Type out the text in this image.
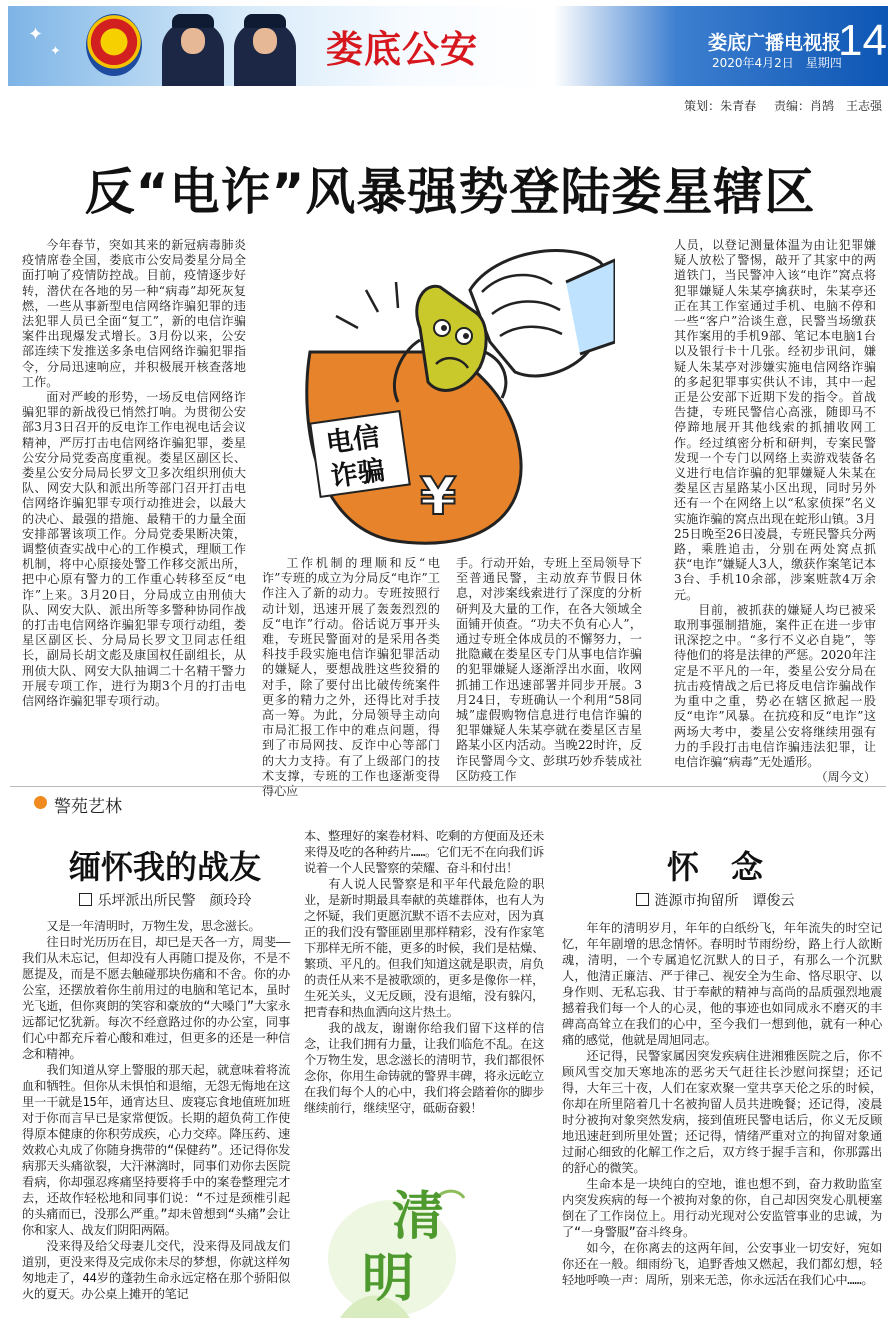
✦
✦	娄底公安	娄底广播电视报
2020年4月2日　星期四
14
策划：朱青春 责编：肖鹄　王志强
反“电诈”风暴强势登陆娄星辖区

今年春节，突如其来的新冠病毒肺炎疫情席卷全国，娄底市公安局娄星分局全面打响了疫情防控战。目前，疫情逐步好转，潜伏在各地的另一种“病毒”却死灰复燃，一些从事新型电信网络诈骗犯罪的违法犯罪人员已全面“复工”，新的电信诈骗案件出现爆发式增长。3月份以来，公安部连续下发推送多条电信网络诈骗犯罪指令，分局迅速响应，并积极展开核查落地工作。

面对严峻的形势，一场反电信网络诈骗犯罪的新战役已悄然打响。为贯彻公安部3月3日召开的反电诈工作电视电话会议精神，严厉打击电信网络诈骗犯罪，娄星公安分局党委高度重视。娄星区副区长、娄星公安分局局长罗文卫多次组织刑侦大队、网安大队和派出所等部门召开打击电信网络诈骗犯罪专项行动推进会，以最大的决心、最强的措施、最精干的力量全面安排部署该项工作。分局党委果断决策，调整侦查实战中心的工作模式，理顺工作机制，将中心原接处警工作移交派出所，把中心原有警力的工作重心转移至反“电诈”上来。3月20日，分局成立由刑侦大队、网安大队、派出所等多警种协同作战的打击电信网络诈骗犯罪专项行动组，娄星区副区长、分局局长罗文卫同志任组长，副局长胡文彪及康国权任副组长，从刑侦大队、网安大队抽调二十名精干警力开展专项工作，进行为期3个月的打击电信网络诈骗犯罪专项行动。

电信
诈骗 ¥

工作机制的理顺和反“电诈”专班的成立为分局反“电诈”工作注入了新的动力。专班按照行动计划，迅速开展了轰轰烈烈的反“电诈”行动。俗话说万事开头难，专班民警面对的是采用各类科技手段实施电信诈骗犯罪活动的嫌疑人，要想战胜这些狡猾的对手，除了要付出比破传统案件更多的精力之外，还得比对手技高一筹。为此，分局领导主动向市局汇报工作中的难点问题，得到了市局网技、反诈中心等部门的大力支持。有了上级部门的技术支撑，专班的工作也逐渐变得得心应

手。行动开始，专班上至局领导下至普通民警，主动放弃节假日休息，对涉案线索进行了深度的分析研判及大量的工作，在各大领域全面铺开侦查。“功夫不负有心人”，通过专班全体成员的不懈努力，一批隐藏在娄星区专门从事电信诈骗的犯罪嫌疑人逐渐浮出水面，收网抓捕工作迅速部署并同步开展。3月24日，专班确认一个利用“58同城”虚假购物信息进行电信诈骗的犯罪嫌疑人朱某亭就在娄星区吉星路某小区内活动。当晚22时许，反诈民警周今文、彭琪巧妙乔装成社区防疫工作

人员，以登记测量体温为由让犯罪嫌疑人放松了警惕，敲开了其家中的两道铁门，当民警冲入该“电诈”窝点将犯罪嫌疑人朱某亭擒获时，朱某亭还正在其工作室通过手机、电脑不停和一些“客户”洽谈生意，民警当场缴获其作案用的手机9部、笔记本电脑1台以及银行卡十几张。经初步讯问，嫌疑人朱某亭对涉嫌实施电信网络诈骗的多起犯罪事实供认不讳，其中一起正是公安部下近期下发的指令。首战告捷，专班民警信心高涨，随即马不停蹄地展开其他线索的抓捕收网工作。经过缜密分析和研判，专案民警发现一个专门以网络上卖游戏装备名义进行电信诈骗的犯罪嫌疑人朱某在娄星区吉星路某小区出现，同时另外还有一个在网络上以“私家侦探”名义实施诈骗的窝点出现在蛇形山镇。3月25日晚至26日凌晨，专班民警兵分两路，乘胜追击，分别在两处窝点抓获“电诈”嫌疑人3人，缴获作案笔记本3台、手机10余部，涉案赃款4万余元。

目前，被抓获的嫌疑人均已被采取刑事强制措施，案件正在进一步审讯深挖之中。“多行不义必自毙”，等待他们的将是法律的严惩。2020年注定是不平凡的一年，娄星公安分局在抗击疫情战之后已将反电信诈骗战作为重中之重，势必在辖区掀起一股反“电诈”风暴。在抗疫和反“电诈”这两场大考中，娄星公安将继续用强有力的手段打击电信诈骗违法犯罪，让电信诈骗“病毒”无处遁形。

（周今文）
警苑艺林
缅怀我的战友
乐坪派出所民警　颜玲玲

又是一年清明时，万物生发，思念滋长。

往日时光历历在目，却已是天各一方，周斐——我们从未忘记，但却没有人再随口提及你，不是不愿提及，而是不愿去触碰那块伤痛和不舍。你的办公室，还摆放着你生前用过的电脑和笔记本，虽时光飞逝，但你爽朗的笑容和豪放的“大嗓门”大家永远都记忆犹新。每次不经意路过你的办公室，同事们心中都充斥着心酸和难过，但更多的还是一种信念和精神。

我们知道从穿上警服的那天起，就意味着将流血和牺牲。但你从未惧怕和退缩，无怨无悔地在这里一干就是15年，通宵达旦、废寝忘食地值班加班对于你而言早已是家常便饭。长期的超负荷工作使得原本健康的你积劳成疾，心力交瘁。降压药、速效救心丸成了你随身携带的“保健药”。还记得你发病那天头痛欲裂，大汗淋漓时，同事们劝你去医院看病，你却强忍疼痛坚持要将手中的案卷整理完才去，还故作轻松地和同事们说：“不过是颈椎引起的头痛而已，没那么严重。”却未曾想到“头痛”会让你和家人、战友们阴阳两隔。

没来得及给父母妻儿交代，没来得及同战友们道别，更没来得及完成你未尽的梦想，你就这样匆匆地走了，44岁的蓬勃生命永远定格在那个骄阳似火的夏天。办公桌上摊开的笔记

本、整理好的案卷材料、吃剩的方便面及还未来得及吃的各种药片……。它们无不在向我们诉说着一个人民警察的荣耀、奋斗和付出！

有人说人民警察是和平年代最危险的职业，是新时期最具奉献的英雄群体，也有人为之怀疑，我们更愿沉默不语不去应对，因为真正的我们没有警匪剧里那样精彩，没有作家笔下那样无所不能，更多的时候，我们是枯燥、繁琐、平凡的。但我们知道这就是职责，肩负的责任从来不是被歌颂的，更多是像你一样，生死关头，义无反顾，没有退缩，没有躲闪，把青春和热血洒向这片热土。

我的战友，谢谢你给我们留下这样的信念，让我们拥有力量，让我们临危不乱。在这个万物生发，思念滋长的清明节，我们都很怀念你，你用生命铸就的警界丰碑，将永远屹立在我们每个人的心中，我们将会踏着你的脚步继续前行，继续坚守，砥砺奋毅！

清
明
怀　念
涟源市拘留所　谭俊云

年年的清明岁月，年年的白纸纷飞，年年流失的时空记忆，年年剧增的思念情怀。春明时节雨纷纷，路上行人欲断魂，清明，一个专属追忆沉默人的日子，有那么一个沉默人，他清正廉洁、严于律己、视安全为生命、恪尽职守、以身作则、无私忘我、甘于奉献的精神与高尚的品质强烈地震撼着我们每一个人的心灵，他的事迹也如同成永不磨灭的丰碑高高耸立在我们的心中，至今我们一想到他，就有一种心痛的感觉，他就是周旭同志。

还记得，民警家属因突发疾病住进湘雅医院之后，你不顾风雪交加天寒地冻的恶劣天气赶往长沙慰问探望；还记得，大年三十夜，人们在家欢聚一堂共享天伦之乐的时候，你却在所里陪着几十名被拘留人员共进晚餐；还记得，凌晨时分被拘对象突然发病，接到值班民警电话后，你义无反顾地迅速赶到所里处置；还记得，情绪严重对立的拘留对象通过耐心细致的化解工作之后，双方终于握手言和，你那露出的舒心的微笑。

生命本是一块纯白的空地，谁也想不到，奋力救助监室内突发疾病的每一个被拘对象的你，自己却因突发心肌梗塞倒在了工作岗位上。用行动光现对公安监管事业的忠诚，为了“一身警服”奋斗终身。

如今，在你离去的这两年间，公安事业一切安好，宛如你还在一般。细雨纷飞，追野香烛又燃起，我们都幻想，轻轻地呼唤一声：周所，别来无恙，你永远活在我们心中……。
